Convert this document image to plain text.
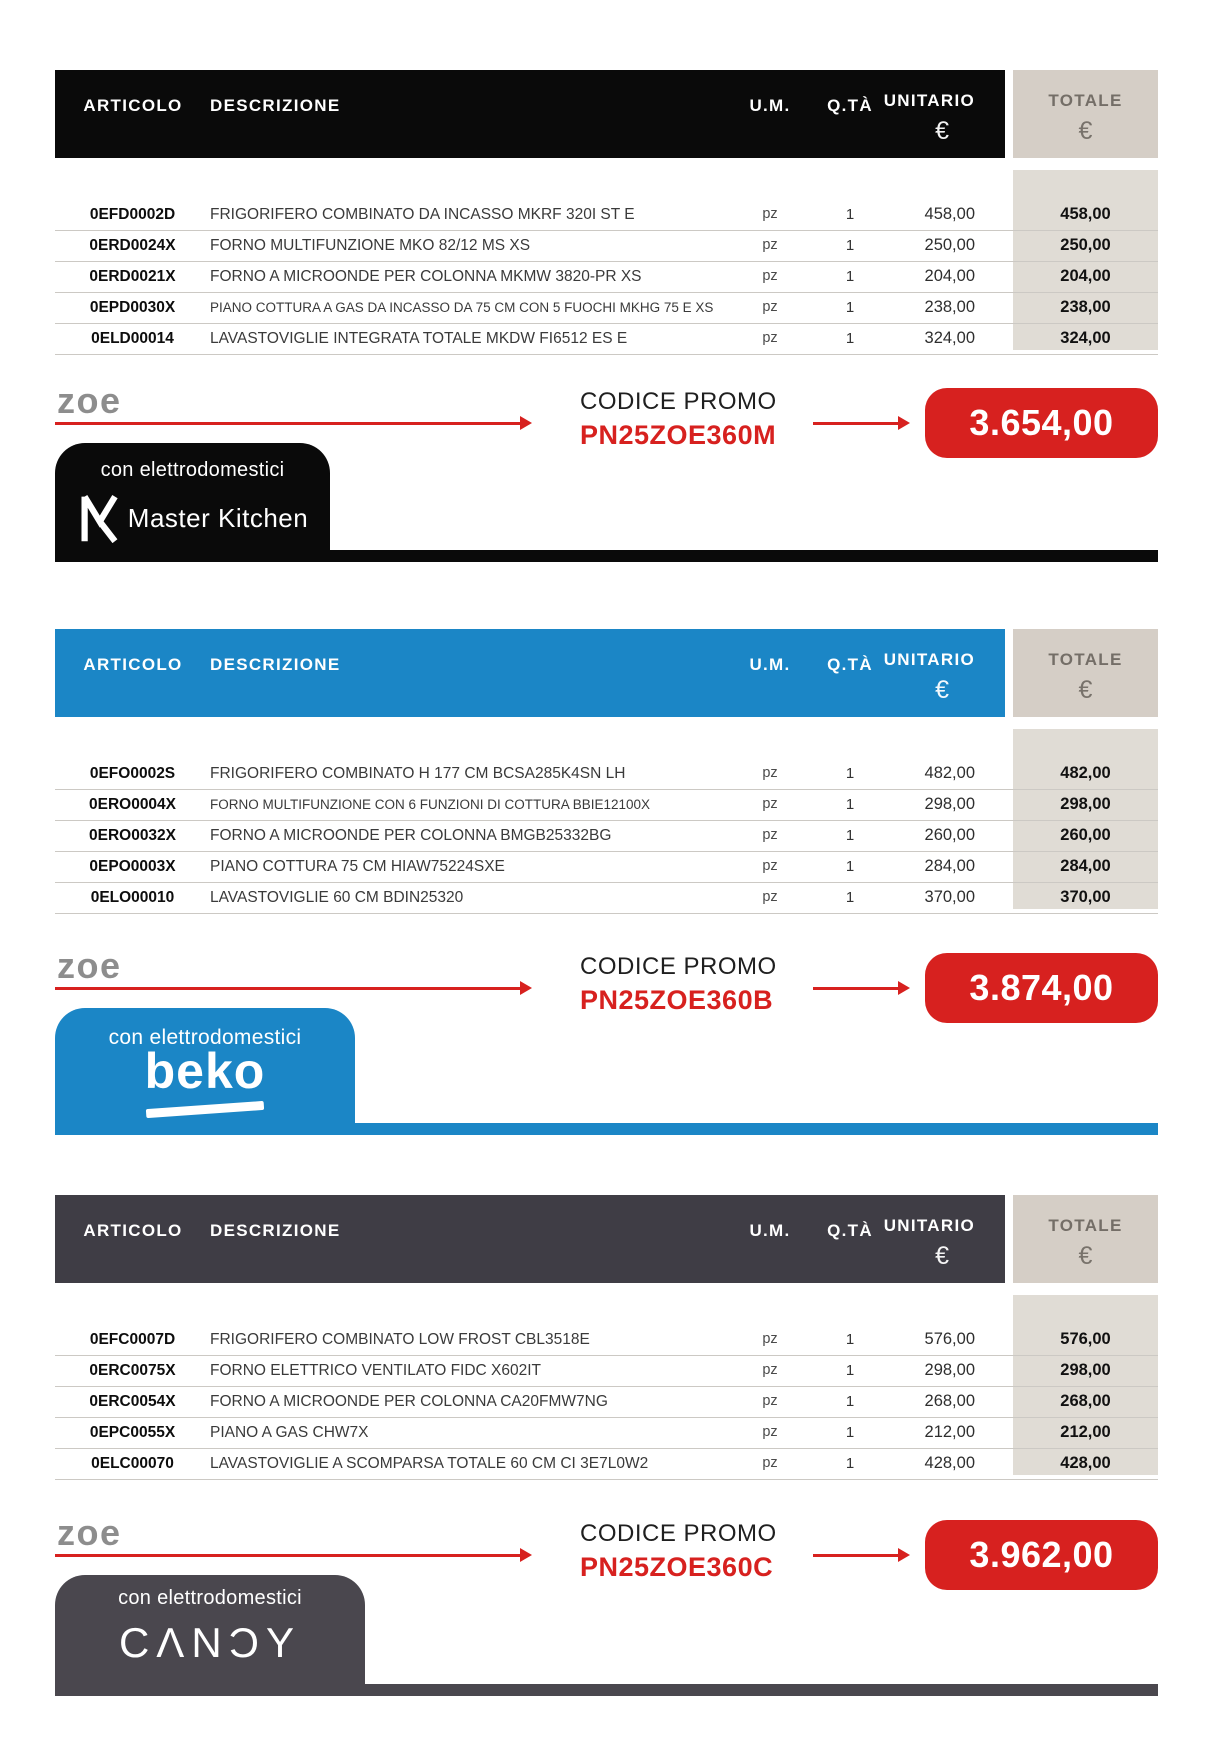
ARTICOLO	DESCRIZIONE	U.M.	Q.TÀ UNITARIO
€
TOTALE
€
0EFD0002D	FRIGORIFERO COMBINATO DA INCASSO MKRF 320I ST E	pz	1	458,00	458,00
0ERD0024X	FORNO MULTIFUNZIONE MKO 82/12 MS XS	pz	1	250,00	250,00
0ERD0021X	FORNO A MICROONDE PER COLONNA MKMW 3820-PR XS	pz	1	204,00	204,00
0EPD0030X	PIANO COTTURA A GAS DA INCASSO DA 75 CM CON 5 FUOCHI MKHG 75 E XS	pz	1	238,00	238,00
0ELD00014	LAVASTOVIGLIE INTEGRATA TOTALE MKDW FI6512 ES E	pz	1	324,00	324,00
zoe	CODICE PROMO
PN25ZOE360M	3.654,00
con elettrodomestici
Master Kitchen
ARTICOLO	DESCRIZIONE	U.M.	Q.TÀ UNITARIO
€
TOTALE
€
0EFO0002S	FRIGORIFERO COMBINATO H 177 CM BCSA285K4SN LH	pz	1	482,00	482,00
0ERO0004X	FORNO MULTIFUNZIONE CON 6 FUNZIONI DI COTTURA BBIE12100X	pz	1	298,00	298,00
0ERO0032X	FORNO A MICROONDE PER COLONNA BMGB25332BG	pz	1	260,00	260,00
0EPO0003X	PIANO COTTURA 75 CM HIAW75224SXE	pz	1	284,00	284,00
0ELO00010	LAVASTOVIGLIE 60 CM BDIN25320	pz	1	370,00	370,00
zoe	CODICE PROMO
PN25ZOE360B	3.874,00
con elettrodomestici
beko
ARTICOLO	DESCRIZIONE	U.M.	Q.TÀ UNITARIO
€
TOTALE
€
0EFC0007D	FRIGORIFERO COMBINATO LOW FROST CBL3518E	pz	1	576,00	576,00
0ERC0075X	FORNO ELETTRICO VENTILATO FIDC X602IT	pz	1	298,00	298,00
0ERC0054X	FORNO A MICROONDE PER COLONNA CA20FMW7NG	pz	1	268,00	268,00
0EPC0055X	PIANO A GAS CHW7X	pz	1	212,00	212,00
0ELC00070	LAVASTOVIGLIE A SCOMPARSA TOTALE 60 CM CI 3E7L0W2	pz	1	428,00	428,00
zoe	CODICE PROMO
PN25ZOE360C	3.962,00
con elettrodomestici
CΛNƆY
